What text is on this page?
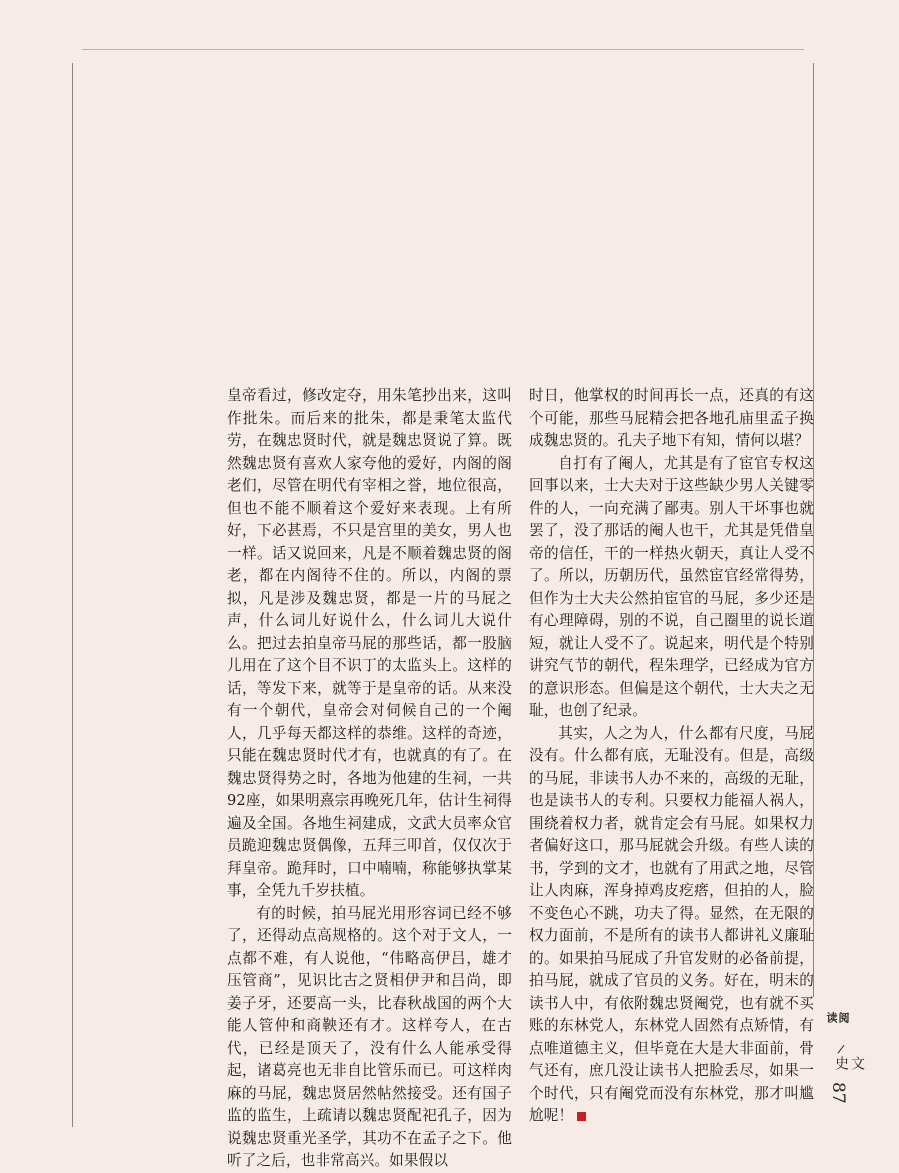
皇帝看过，修改定夺，用朱笔抄出来，这叫作批朱。而后来的批朱，都是秉笔太监代劳，在魏忠贤时代，就是魏忠贤说了算。既然魏忠贤有喜欢人家夸他的爱好，内阁的阁老们，尽管在明代有宰相之誉，地位很高，但也不能不顺着这个爱好来表现。上有所好，下必甚焉，不只是宫里的美女，男人也一样。话又说回来，凡是不顺着魏忠贤的阁老，都在内阁待不住的。所以，内阁的票拟，凡是涉及魏忠贤，都是一片的马屁之声，什么词儿好说什么，什么词儿大说什么。把过去拍皇帝马屁的那些话，都一股脑儿用在了这个目不识丁的太监头上。这样的话，等发下来，就等于是皇帝的话。从来没有一个朝代，皇帝会对伺候自己的一个阉人，几乎每天都这样的恭维。这样的奇迹，只能在魏忠贤时代才有，也就真的有了。在魏忠贤得势之时，各地为他建的生祠，一共92座，如果明熹宗再晚死几年，估计生祠得遍及全国。各地生祠建成，文武大员率众官员跪迎魏忠贤偶像，五拜三叩首，仅仅次于拜皇帝。跪拜时，口中喃喃，称能够执掌某事，全凭九千岁扶植。

有的时候，拍马屁光用形容词已经不够了，还得动点高规格的。这个对于文人，一点都不难，有人说他，“伟略高伊吕，雄才压管商”，见识比古之贤相伊尹和吕尚，即姜子牙，还要高一头，比春秋战国的两个大能人管仲和商鞅还有才。这样夸人，在古代，已经是顶天了，没有什么人能承受得起，诸葛亮也无非自比管乐而已。可这样肉麻的马屁，魏忠贤居然帖然接受。还有国子监的监生，上疏请以魏忠贤配祀孔子，因为说魏忠贤重光圣学，其功不在孟子之下。他听了之后，也非常高兴。如果假以

时日，他掌权的时间再长一点，还真的有这个可能，那些马屁精会把各地孔庙里孟子换成魏忠贤的。孔夫子地下有知，情何以堪？

自打有了阉人，尤其是有了宦官专权这回事以来，士大夫对于这些缺少男人关键零件的人，一向充满了鄙夷。别人干坏事也就罢了，没了那话的阉人也干，尤其是凭借皇帝的信任，干的一样热火朝天，真让人受不了。所以，历朝历代，虽然宦官经常得势，但作为士大夫公然拍宦官的马屁，多少还是有心理障碍，别的不说，自己圈里的说长道短，就让人受不了。说起来，明代是个特别讲究气节的朝代，程朱理学，已经成为官方的意识形态。但偏是这个朝代，士大夫之无耻，也创了纪录。

其实，人之为人，什么都有尺度，马屁没有。什么都有底，无耻没有。但是，高级的马屁，非读书人办不来的，高级的无耻，也是读书人的专利。只要权力能福人祸人，围绕着权力者，就肯定会有马屁。如果权力者偏好这口，那马屁就会升级。有些人读的书，学到的文才，也就有了用武之地，尽管让人肉麻，浑身掉鸡皮疙瘩，但拍的人，脸不变色心不跳，功夫了得。显然，在无限的权力面前，不是所有的读书人都讲礼义廉耻的。如果拍马屁成了升官发财的必备前提，拍马屁，就成了官员的义务。好在，明末的读书人中，有依附魏忠贤阉党，也有就不买账的东林党人，东林党人固然有点矫情，有点唯道德主义，但毕竟在大是大非面前，骨气还有，庶几没让读书人把脸丢尽，如果一个时代，只有阉党而没有东林党，那才叫尴尬呢！

阅读
/
文史
87
